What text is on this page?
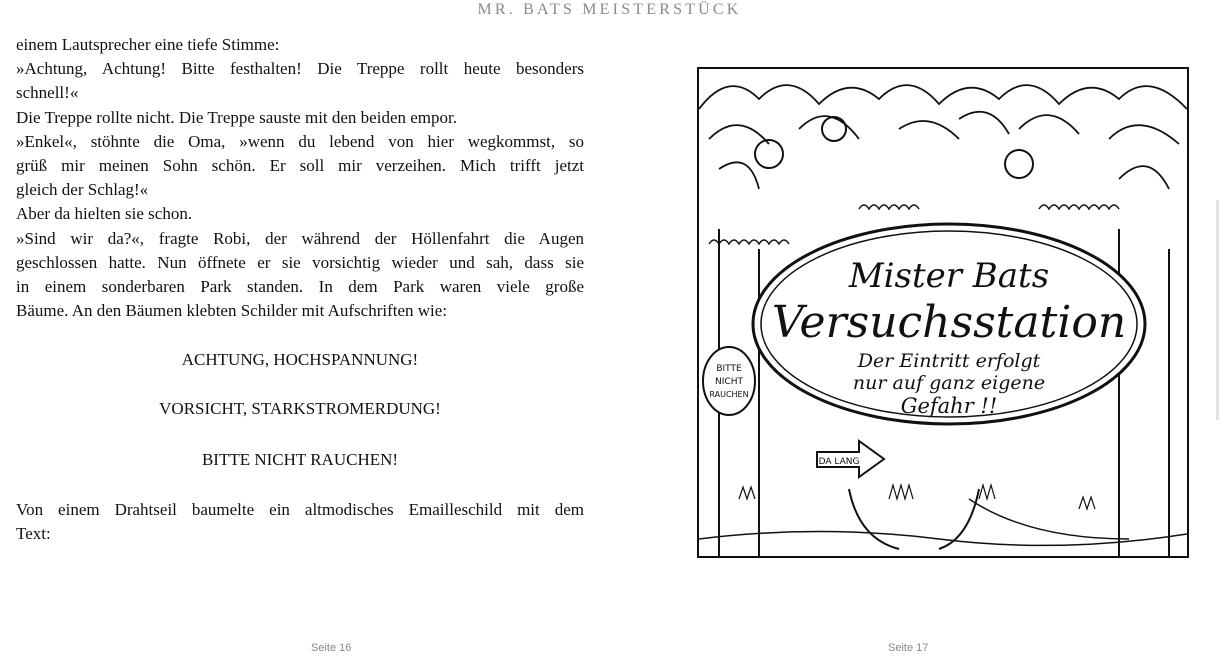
MR. BATS MEISTERSTÜCK
einem Lautsprecher eine tiefe Stimme:
»Achtung, Achtung! Bitte festhalten! Die Treppe rollt heute besonders
schnell!«
Die Treppe rollte nicht. Die Treppe sauste mit den beiden empor.
»Enkel«, stöhnte die Oma, »wenn du lebend von hier wegkommst, so
grüß mir meinen Sohn schön. Er soll mir verzeihen. Mich trifft jetzt
gleich der Schlag!«
Aber da hielten sie schon.
»Sind wir da?«, fragte Robi, der während der Höllenfahrt die Augen
geschlossen hatte. Nun öffnete er sie vorsichtig wieder und sah, dass sie
in einem sonderbaren Park standen. In dem Park waren viele große
Bäume. An den Bäumen klebten Schilder mit Aufschriften wie:
ACHTUNG, HOCHSPANNUNG!
VORSICHT, STARKSTROMERDUNG!
BITTE NICHT RAUCHEN!
Von einem Drahtseil baumelte ein altmodisches Emailleschild mit dem
Text:
Seite 16
Mister Bats
Versuchsstation
Der Eintritt erfolgt
nur auf ganz eigene
Gefahr !!
BITTE
NICHT
RAUCHEN
DA LANG
Seite 17
